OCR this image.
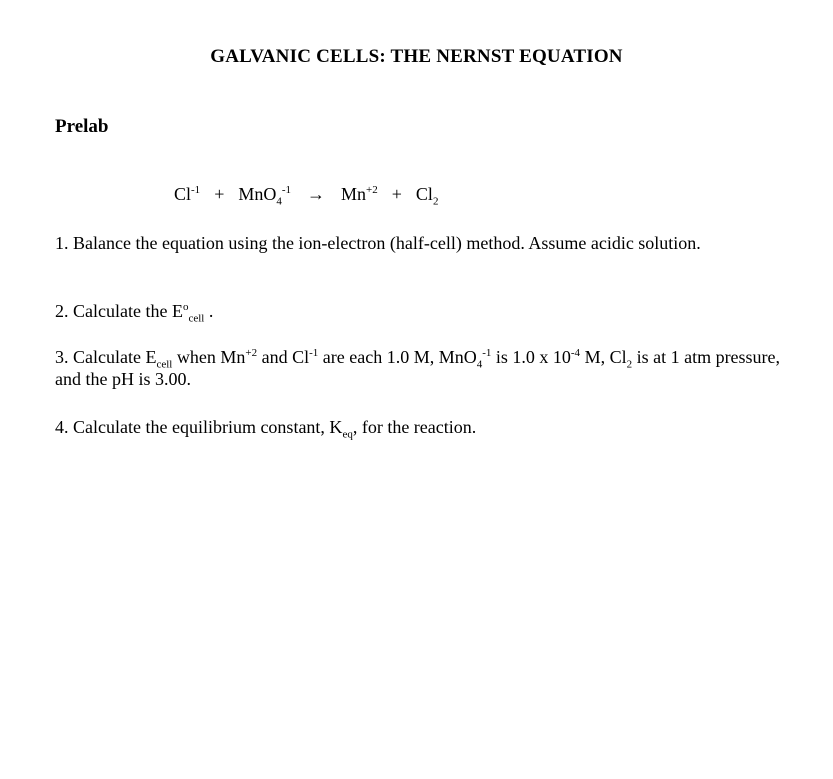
GALVANIC CELLS: THE NERNST EQUATION
Prelab
$Cl^{-1} + MnO_4^{-1} \to Mn^{+2} + Cl_2$
1. Balance the equation using the ion-electron (half-cell) method. Assume acidic solution.
2. Calculate the $E^o_{cell}$ .
3. Calculate $E_{cell}$ when $Mn^{+2}$ and $Cl^{-1}$ are each 1.0 M, MnO$_4^{-1}$ is 1.0 x $10^{-4}$ M, $Cl_2$ is at 1 atm pressure, and the pH is 3.00.
4. Calculate the equilibrium constant, $K_{eq}$, for the reaction.
